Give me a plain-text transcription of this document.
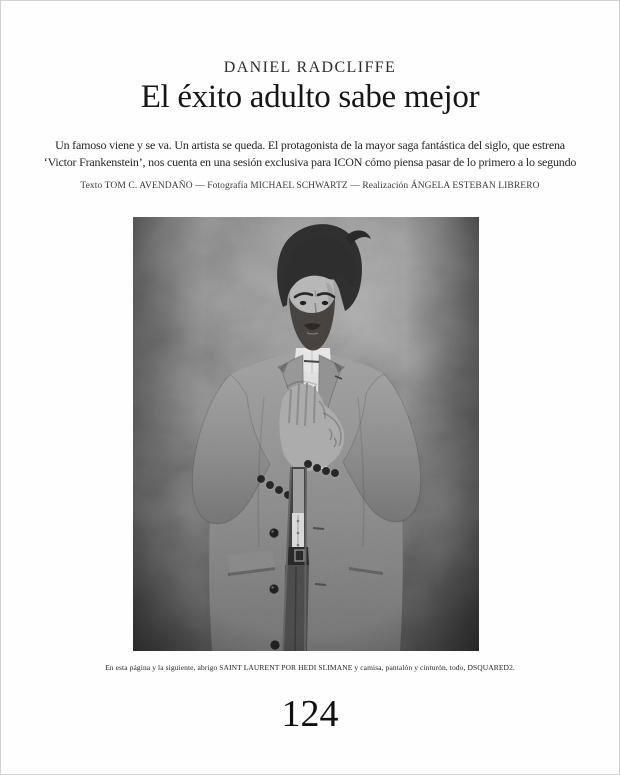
DANIEL RADCLIFFE
El éxito adulto sabe mejor

Un famoso viene y se va. Un artista se queda. El protagonista de la mayor saga fantástica del siglo, que estrena
‘Victor Frankenstein’, nos cuenta en una sesión exclusiva para ICON cómo piensa pasar de lo primero a lo segundo

Texto TOM C. AVENDAÑO — Fotografía MICHAEL SCHWARTZ — Realización ÁNGELA ESTEBAN LIBRERO

En esta página y la siguiente, abrigo SAINT LAURENT POR HEDI SLIMANE y camisa, pantalón y cinturón, todo, DSQUARED2.

124
